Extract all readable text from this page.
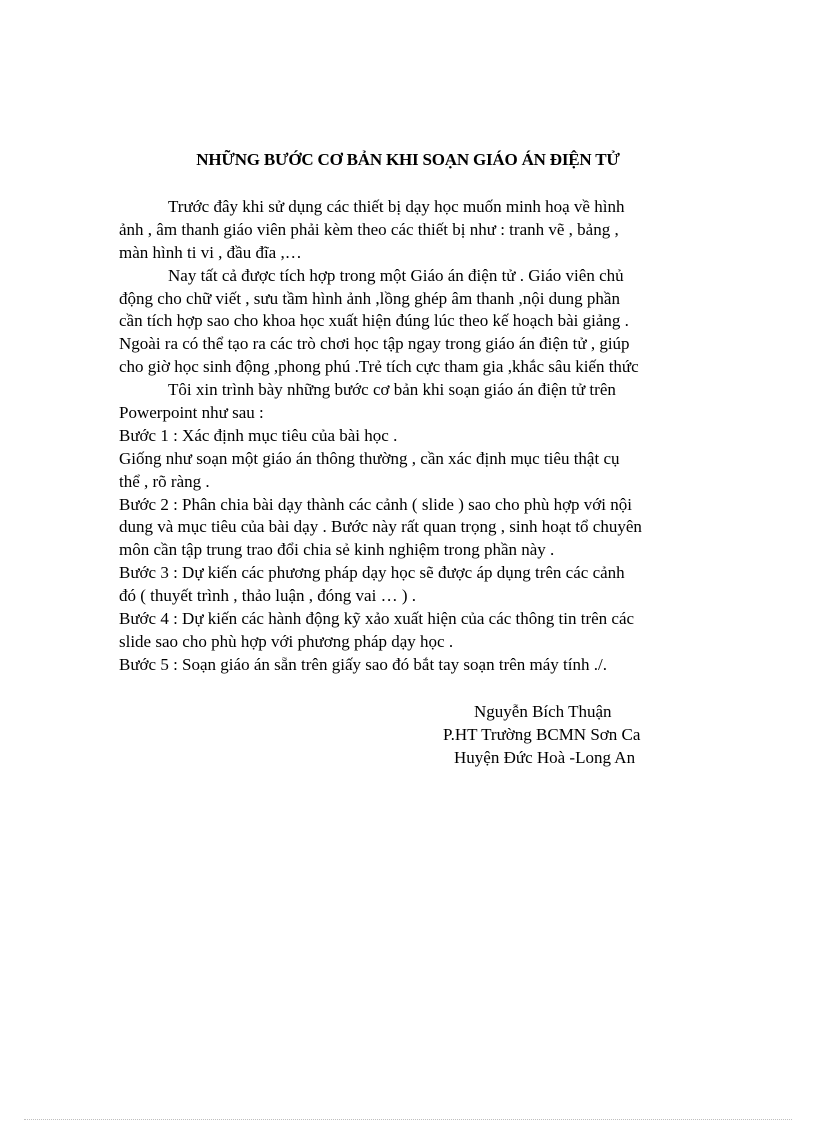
NHỮNG BƯỚC CƠ BẢN KHI SOẠN GIÁO ÁN ĐIỆN TỬ
Trước đây khi sử dụng các thiết bị dạy học muốn minh hoạ về hình
ảnh , âm thanh giáo viên phải kèm theo các thiết bị như : tranh vẽ , bảng ,
màn hình ti vi , đầu đĩa ,…
Nay tất cả được tích hợp trong một Giáo án điện tử . Giáo viên chủ
động cho chữ viết , sưu tầm hình ảnh ,lồng ghép âm thanh ,nội dung phần
cần tích hợp sao cho khoa học xuất hiện đúng lúc theo kế hoạch bài giảng .
Ngoài ra có thể tạo ra các trò chơi học tập ngay trong giáo án điện tử , giúp
cho giờ học sinh động ,phong phú .Trẻ tích cực tham gia ,khắc sâu kiến thức
Tôi xin trình bày những bước cơ bản khi soạn giáo án điện tử trên
Powerpoint như sau :
Bước 1 : Xác định mục tiêu của bài học .
Giống như soạn một giáo án thông thường , cần xác định mục tiêu thật cụ
thể , rõ ràng .
Bước 2 : Phân chia bài dạy thành các cảnh ( slide ) sao cho phù hợp với nội
dung và mục tiêu của bài dạy . Bước này rất quan trọng , sinh hoạt tổ chuyên
môn cần tập trung trao đổi chia sẻ kinh nghiệm trong phần này .
Bước 3 : Dự kiến các phương pháp dạy học sẽ được áp dụng trên các cảnh
đó ( thuyết trình , thảo luận , đóng vai … ) .
Bước 4 : Dự kiến các hành động kỹ xảo xuất hiện của các thông tin trên các
slide sao cho phù hợp với phương pháp dạy học .
Bước 5 : Soạn giáo án sẵn trên giấy sao đó bắt tay soạn trên máy tính ./.
Nguyễn Bích Thuận
P.HT Trường BCMN Sơn Ca
Huyện Đức Hoà -Long An
